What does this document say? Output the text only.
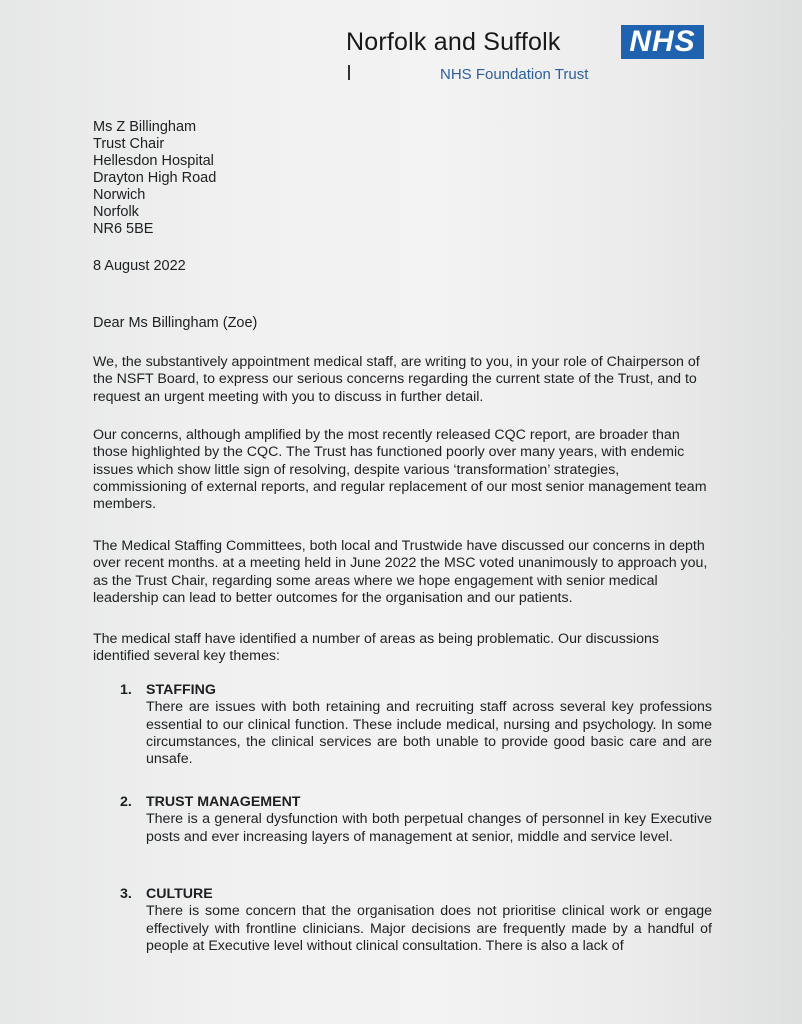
Norfolk and Suffolk NHS
NHS Foundation Trust
Ms Z Billingham
Trust Chair
Hellesdon Hospital
Drayton High Road
Norwich
Norfolk
NR6 5BE
8 August 2022
Dear Ms Billingham (Zoe)

We, the substantively appointment medical staff, are writing to you, in your role of Chairperson of the NSFT Board, to express our serious concerns regarding the current state of the Trust, and to request an urgent meeting with you to discuss in further detail.

Our concerns, although amplified by the most recently released CQC report, are broader than those highlighted by the CQC. The Trust has functioned poorly over many years, with endemic issues which show little sign of resolving, despite various ‘transformation’ strategies, commissioning of external reports, and regular replacement of our most senior management team members.

The Medical Staffing Committees, both local and Trustwide have discussed our concerns in depth over recent months. at a meeting held in June 2022 the MSC voted unanimously to approach you, as the Trust Chair, regarding some areas where we hope engagement with senior medical leadership can lead to better outcomes for the organisation and our patients.

The medical staff have identified a number of areas as being problematic. Our discussions identified several key themes:

1. STAFFING
There are issues with both retaining and recruiting staff across several key professions essential to our clinical function. These include medical, nursing and psychology. In some circumstances, the clinical services are both unable to provide good basic care and are unsafe.
2. TRUST MANAGEMENT
There is a general dysfunction with both perpetual changes of personnel in key Executive posts and ever increasing layers of management at senior, middle and service level.
3. CULTURE
There is some concern that the organisation does not prioritise clinical work or engage effectively with frontline clinicians. Major decisions are frequently made by a handful of people at Executive level without clinical consultation. There is also a lack of
